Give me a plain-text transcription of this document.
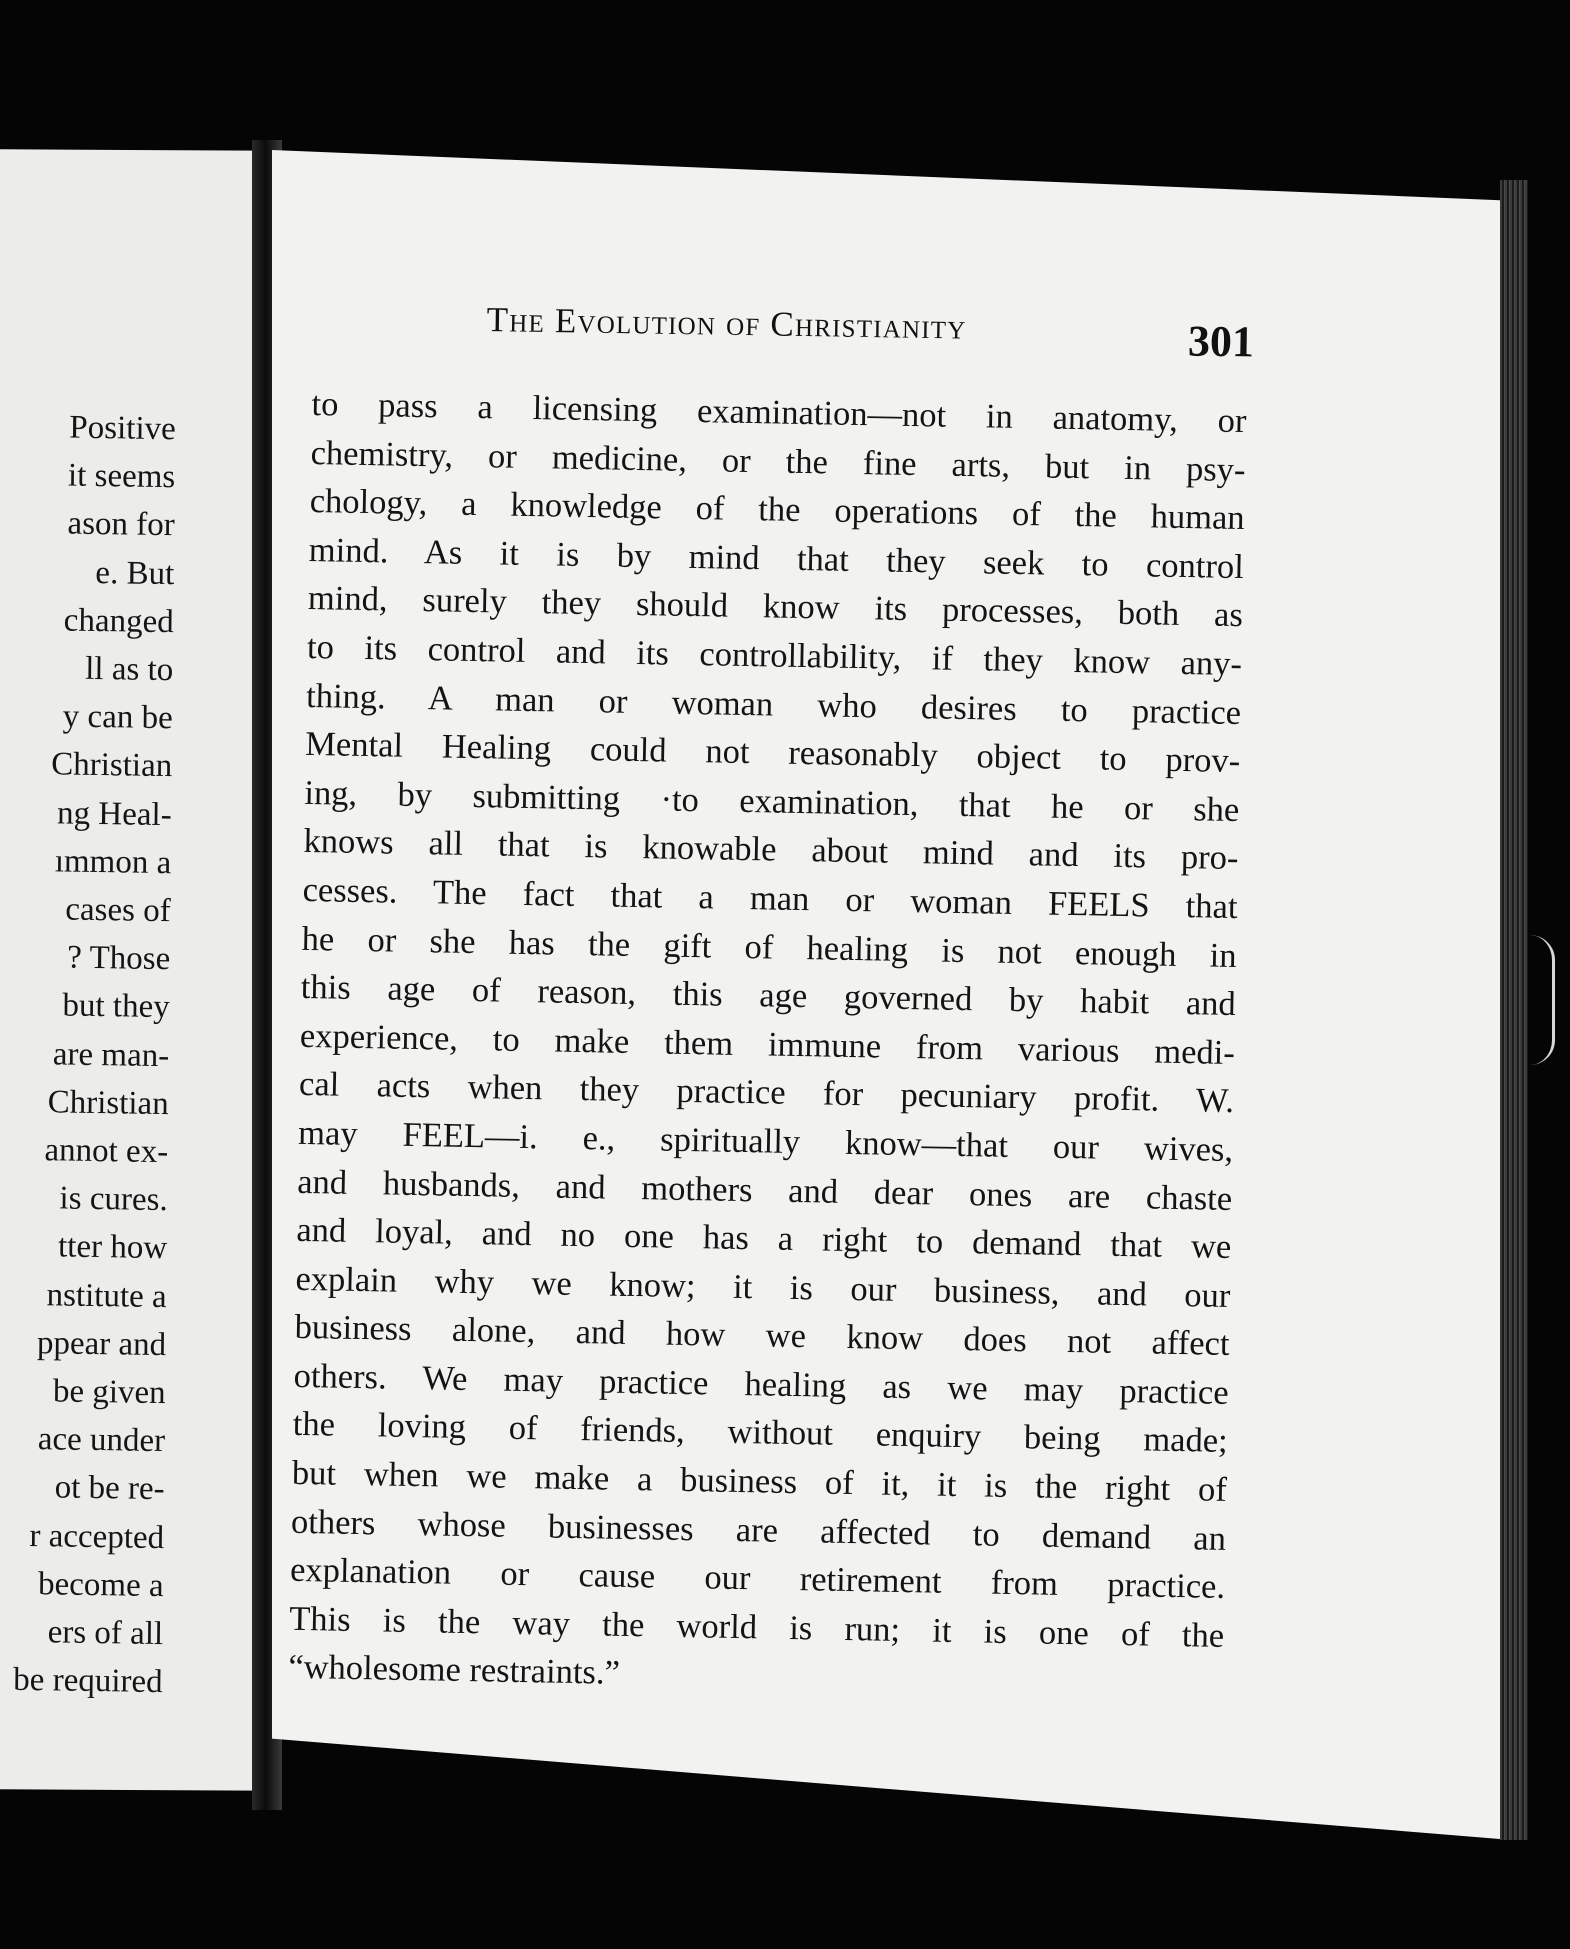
Positive
it seems
ason for
e. But
changed
ll as to
y can be
Christian
ng Heal-
ımmon a
cases of
? Those
but they
are man-
Christian
annot ex-
is cures.
tter how
nstitute a
ppear and
be given
ace under
ot be re-
r accepted
become a
ers of all
be required
The Evolution of Christianity	301
to pass a licensing examination—not in anatomy, or
chemistry, or medicine, or the fine arts, but in psy-
chology, a knowledge of the operations of the human
mind. As it is by mind that they seek to control
mind, surely they should know its processes, both as
to its control and its controllability, if they know any-
thing. A man or woman who desires to practice
Mental Healing could not reasonably object to prov-
ing, by submitting ·to examination, that he or she
knows all that is knowable about mind and its pro-
cesses. The fact that a man or woman FEELS that
he or she has the gift of healing is not enough in
this age of reason, this age governed by habit and
experience, to make them immune from various medi-
cal acts when they practice for pecuniary profit. W.
may FEEL—i. e., spiritually know—that our wives,
and husbands, and mothers and dear ones are chaste
and loyal, and no one has a right to demand that we
explain why we know; it is our business, and our
business alone, and how we know does not affect
others. We may practice healing as we may practice
the loving of friends, without enquiry being made;
but when we make a business of it, it is the right of
others whose businesses are affected to demand an
explanation or cause our retirement from practice.
This is the way the world is run; it is one of the
“wholesome restraints.”
